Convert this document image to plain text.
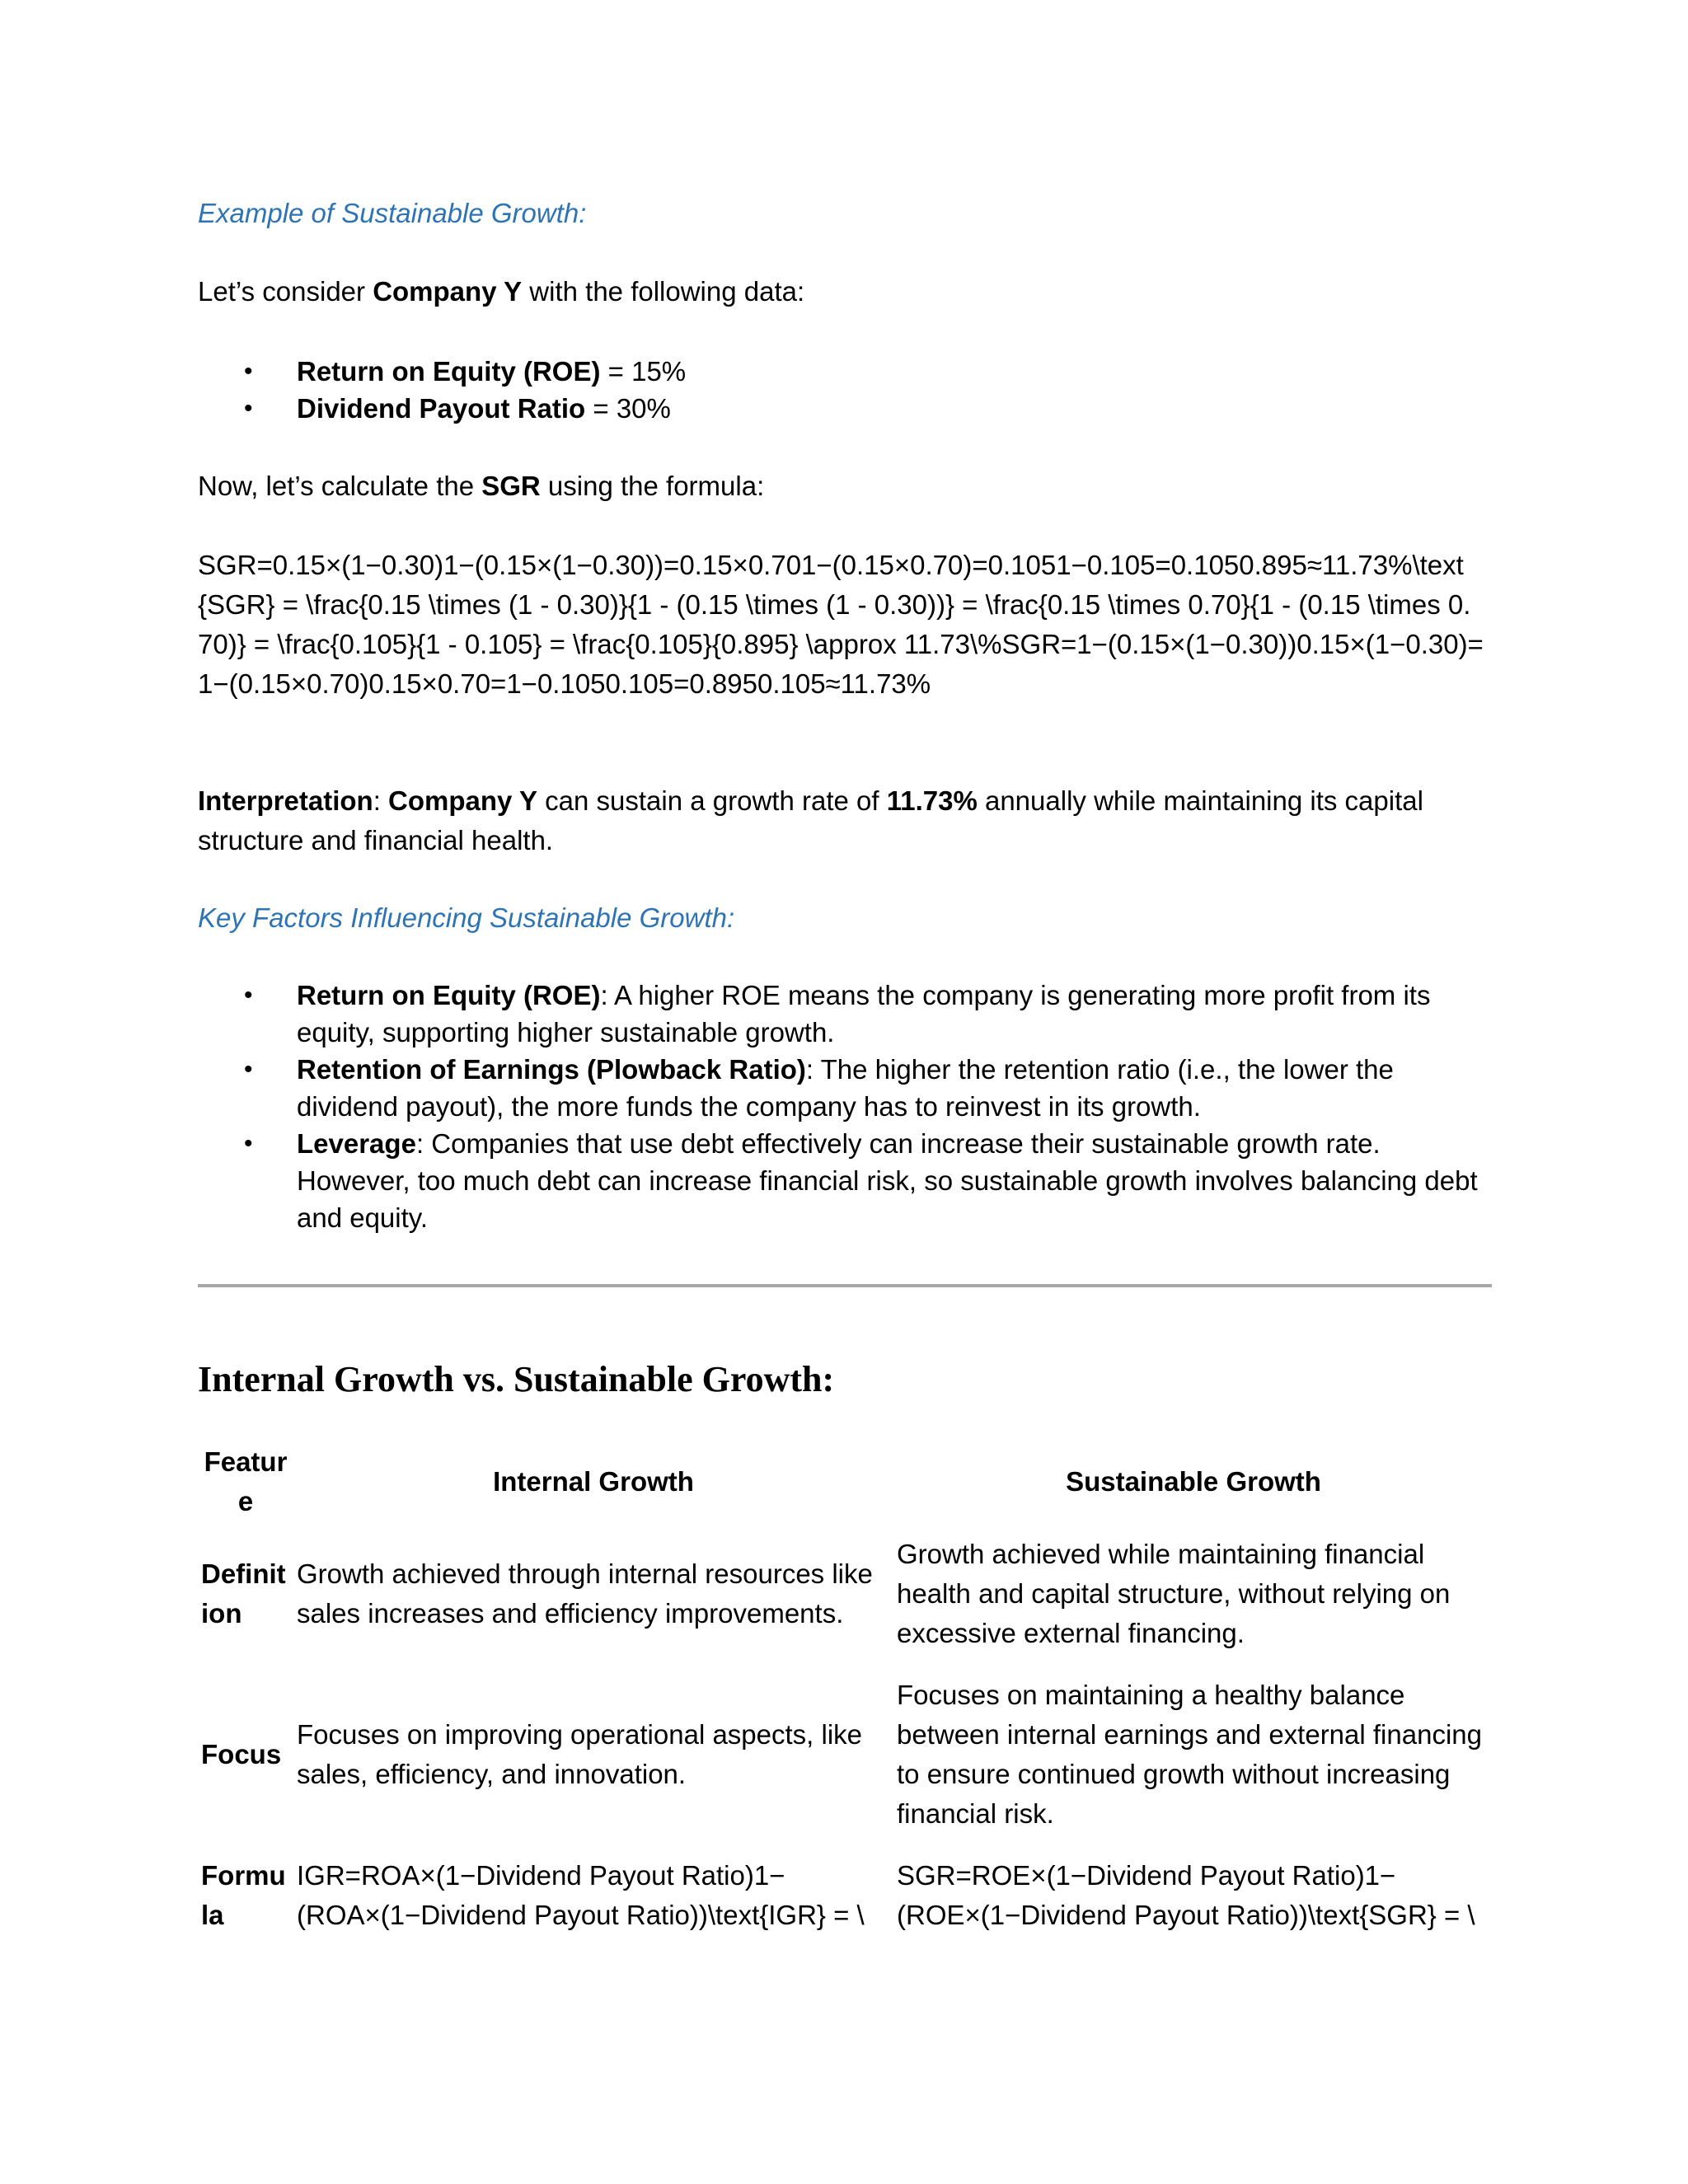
Example of Sustainable Growth:
Let’s consider Company Y with the following data:
• Return on Equity (ROE) = 15%
• Dividend Payout Ratio = 30%
Now, let’s calculate the SGR using the formula:
SGR=0.15×(1−0.30)1−(0.15×(1−0.30))=0.15×0.701−(0.15×0.70)=0.1051−0.105=0.1050.895≈11.73%\text{SGR} = \frac{0.15 \times (1 - 0.30)}{1 - (0.15 \times (1 - 0.30))} = \frac{0.15 \times 0.70}{1 - (0.15 \times 0.70)} = \frac{0.105}{1 - 0.105} = \frac{0.105}{0.895} \approx 11.73\%SGR=1−(0.15×(1−0.30))0.15×(1−0.30)=1−(0.15×0.70)0.15×0.70=1−0.1050.105=0.8950.105≈11.73%
Interpretation: Company Y can sustain a growth rate of 11.73% annually while maintaining its capital structure and financial health.
Key Factors Influencing Sustainable Growth:
• Return on Equity (ROE): A higher ROE means the company is generating more profit from its equity, supporting higher sustainable growth.
• Retention of Earnings (Plowback Ratio): The higher the retention ratio (i.e., the lower the dividend payout), the more funds the company has to reinvest in its growth.
• Leverage: Companies that use debt effectively can increase their sustainable growth rate. However, too much debt can increase financial risk, so sustainable growth involves balancing debt and equity.
Internal Growth vs. Sustainable Growth:
Feature	Internal Growth	Sustainable Growth
Definition	Growth achieved through internal resources like sales increases and efficiency improvements.	Growth achieved while maintaining financial health and capital structure, without relying on excessive external financing.
Focus	Focuses on improving operational aspects, like sales, efficiency, and innovation.	Focuses on maintaining a healthy balance between internal earnings and external financing to ensure continued growth without increasing financial risk.
Formula	IGR=ROA×(1−Dividend Payout Ratio)1−(ROA×(1−Dividend Payout Ratio))\text{IGR} = \	SGR=ROE×(1−Dividend Payout Ratio)1−(ROE×(1−Dividend Payout Ratio))\text{SGR} = \
